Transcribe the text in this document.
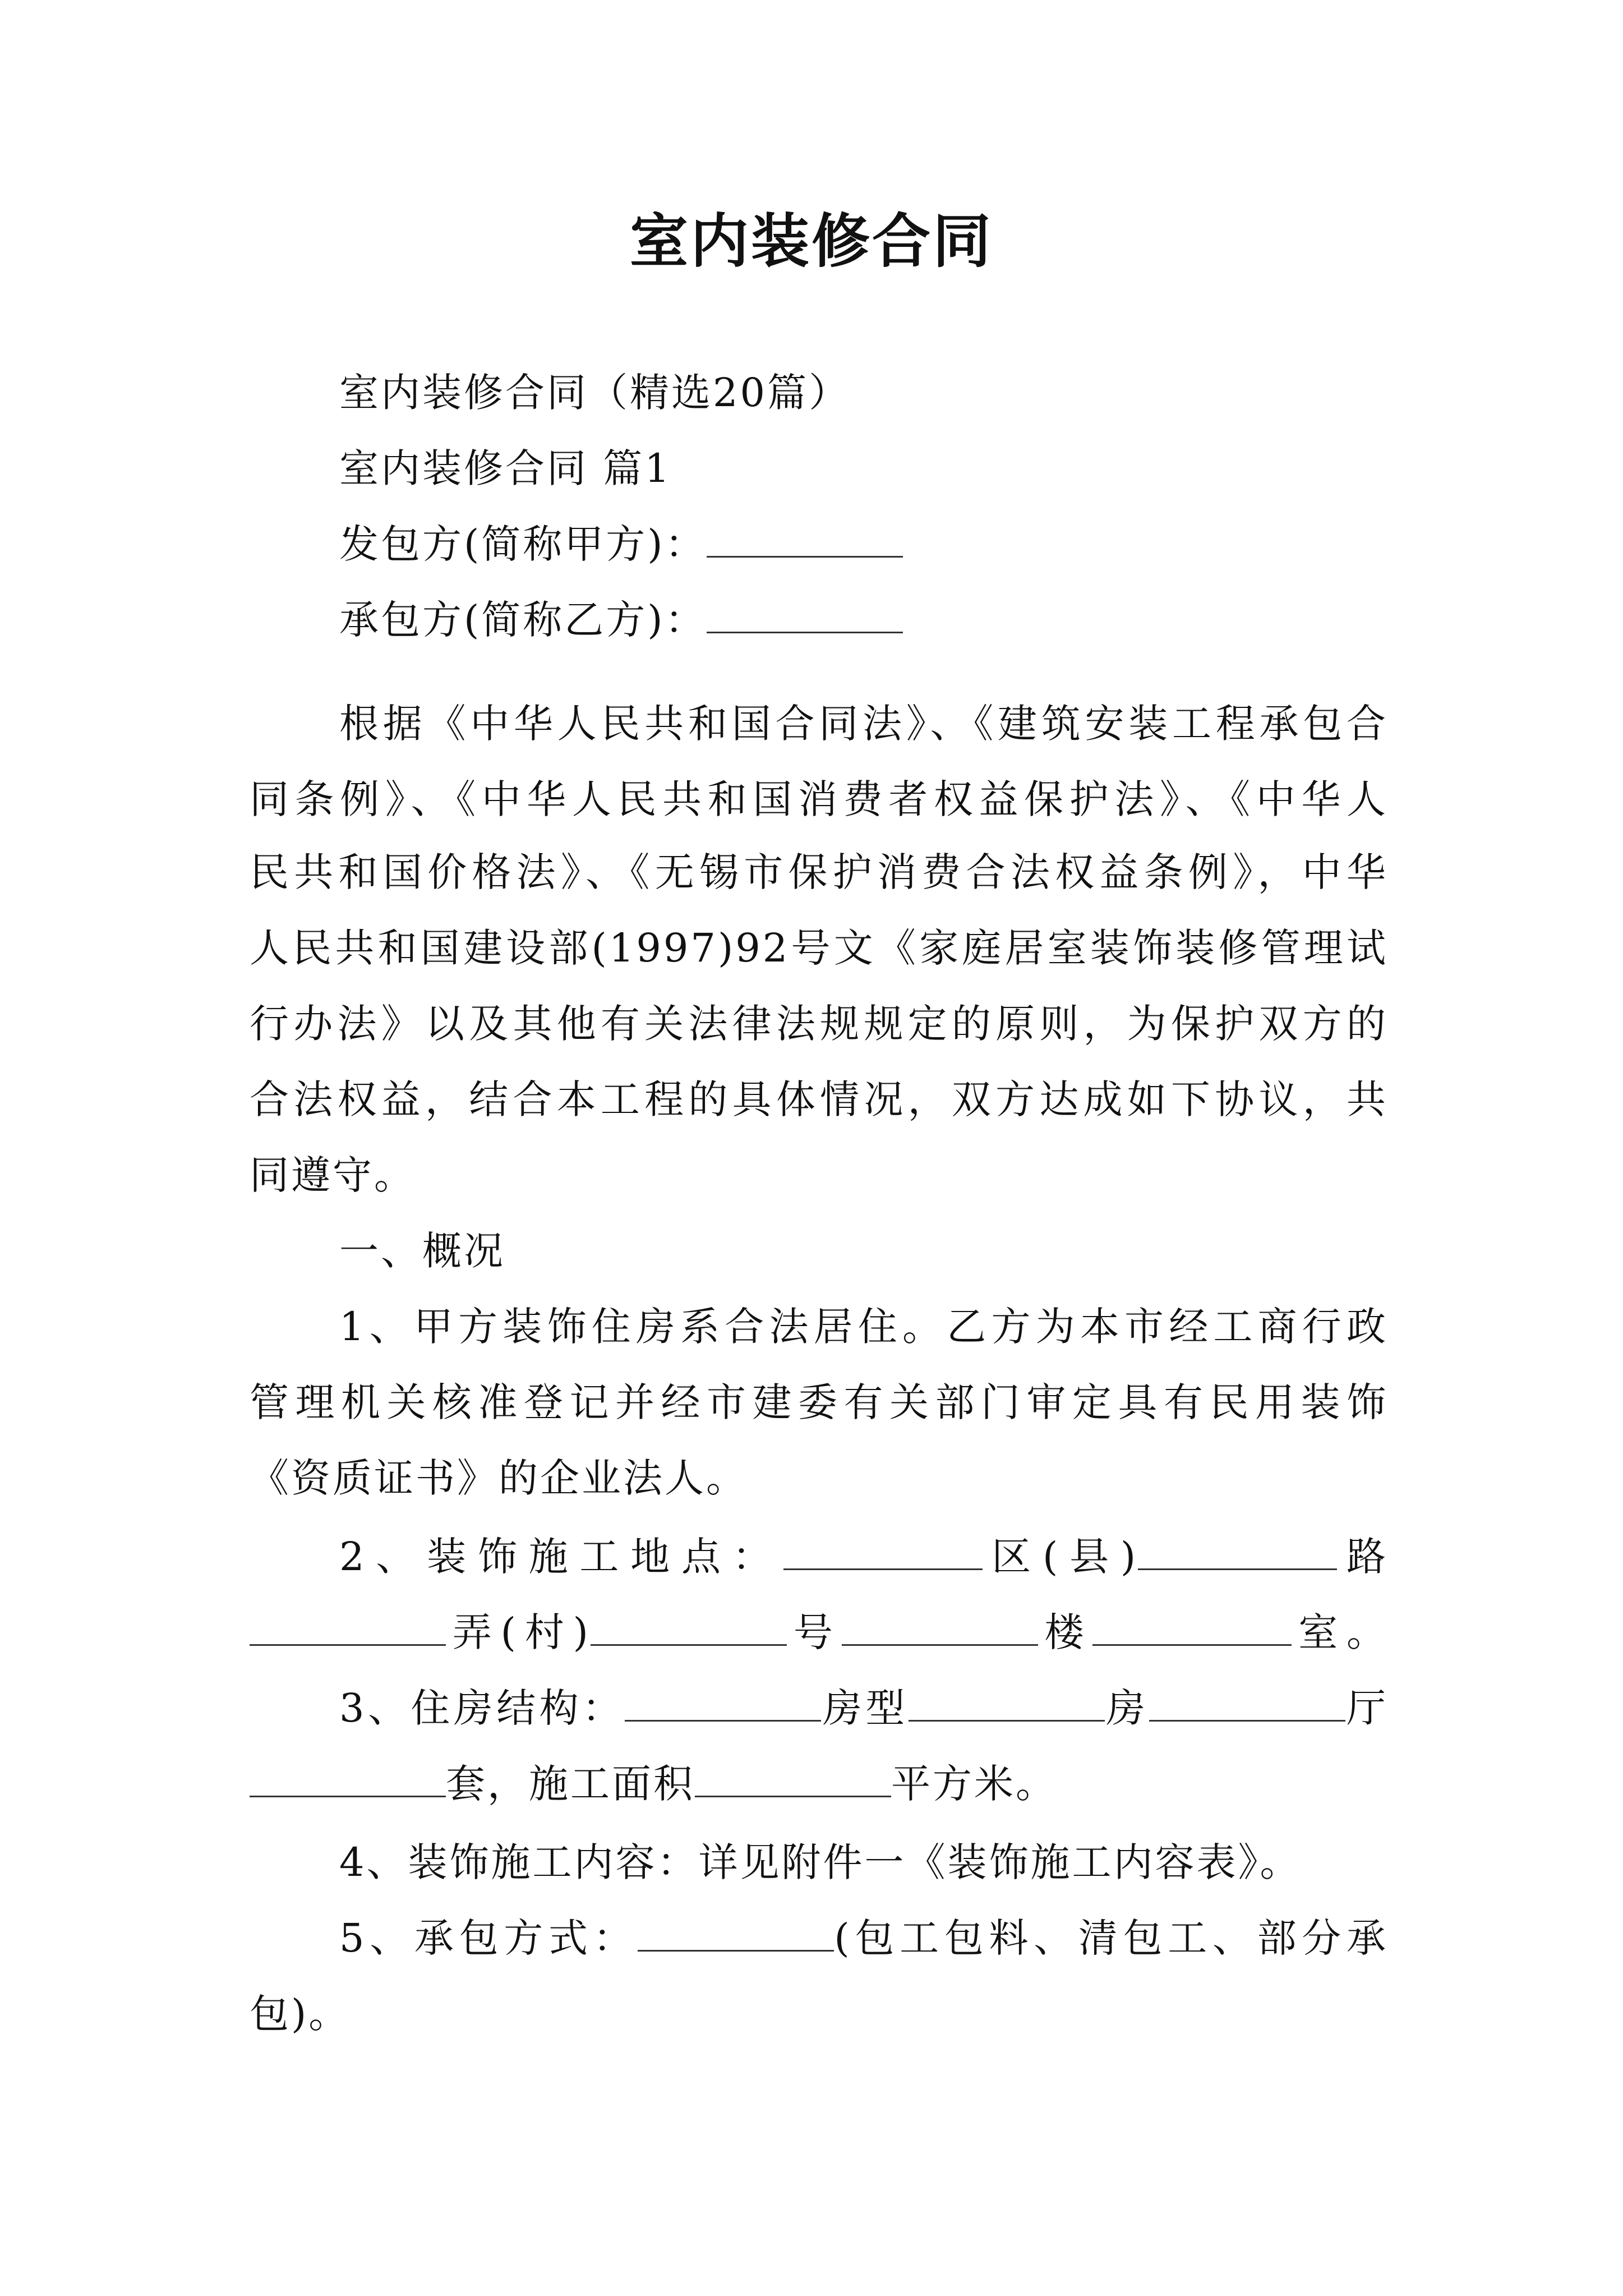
室内装修合同
室内装修合同（精选20篇）
室内装修合同 篇1
发包方(简称甲方)：
承包方(简称乙方)：
根据《中华人民共和国合同法》、《建筑安装工程承包合
同条例》、《中华人民共和国消费者权益保护法》、《中华人
民共和国价格法》、《无锡市保护消费合法权益条例》，中华
人民共和国建设部(1997)92号文《家庭居室装饰装修管理试
行办法》以及其他有关法律法规规定的原则，为保护双方的
合法权益，结合本工程的具体情况，双方达成如下协议，共
同遵守。
一、概况
1、甲方装饰住房系合法居住。乙方为本市经工商行政
管理机关核准登记并经市建委有关部门审定具有民用装饰
《资质证书》的企业法人。
2、装饰施工地点：	区(县)	路
弄(村)	号	楼	室。
3、住房结构：	房型	房	厅
套，施工面积	平方米。
4、装饰施工内容：详见附件一《装饰施工内容表》。
5、承包方式：	(包工包料、清包工、部分承
包)。
